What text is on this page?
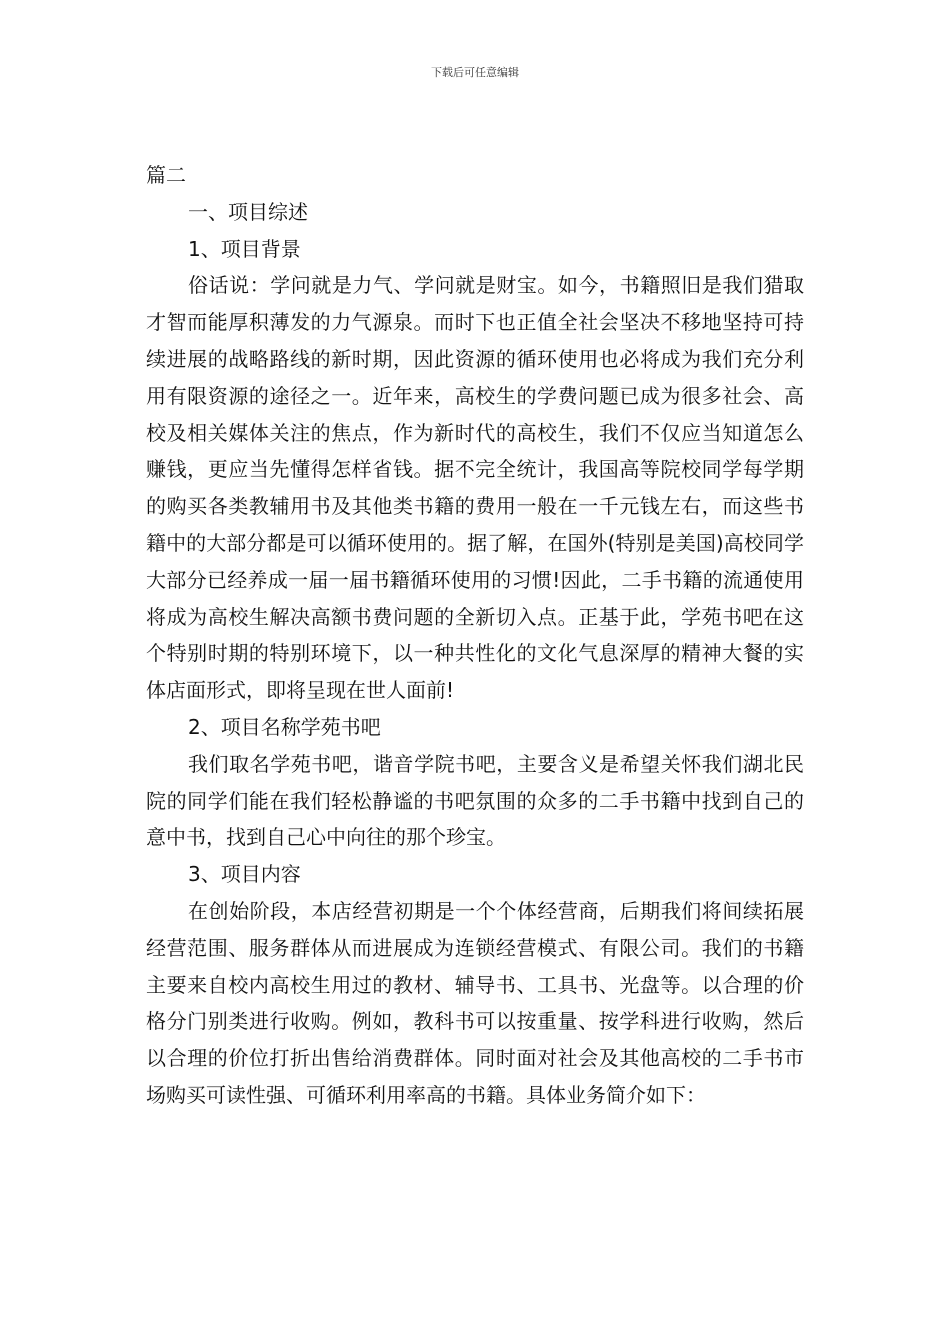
下载后可任意编辑

篇二

一、项目综述

1、项目背景

俗话说：学问就是力气、学问就是财宝。如今，书籍照旧是我们猎取才智而能厚积薄发的力气源泉。而时下也正值全社会坚决不移地坚持可持续进展的战略路线的新时期，因此资源的循环使用也必将成为我们充分利用有限资源的途径之一。近年来，高校生的学费问题已成为很多社会、高校及相关媒体关注的焦点，作为新时代的高校生，我们不仅应当知道怎么赚钱，更应当先懂得怎样省钱。据不完全统计，我国高等院校同学每学期的购买各类教辅用书及其他类书籍的费用一般在一千元钱左右，而这些书籍中的大部分都是可以循环使用的。据了解，在国外(特别是美国)高校同学大部分已经养成一届一届书籍循环使用的习惯!因此，二手书籍的流通使用将成为高校生解决高额书费问题的全新切入点。正基于此，学苑书吧在这个特别时期的特别环境下，以一种共性化的文化气息深厚的精神大餐的实体店面形式，即将呈现在世人面前!

2、项目名称学苑书吧

我们取名学苑书吧，谐音学院书吧，主要含义是希望关怀我们湖北民院的同学们能在我们轻松静谧的书吧氛围的众多的二手书籍中找到自己的意中书，找到自己心中向往的那个珍宝。

3、项目内容

在创始阶段，本店经营初期是一个个体经营商，后期我们将间续拓展经营范围、服务群体从而进展成为连锁经营模式、有限公司。我们的书籍主要来自校内高校生用过的教材、辅导书、工具书、光盘等。以合理的价格分门别类进行收购。例如，教科书可以按重量、按学科进行收购，然后以合理的价位打折出售给消费群体。同时面对社会及其他高校的二手书市场购买可读性强、可循环利用率高的书籍。具体业务简介如下：
